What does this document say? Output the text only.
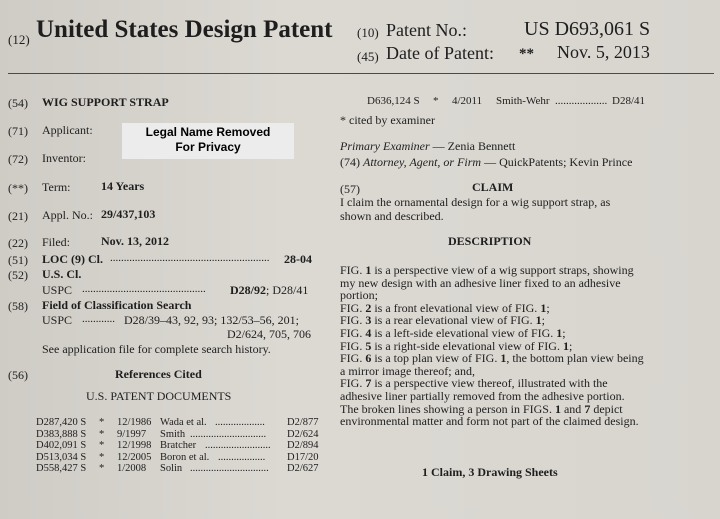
(12) United States Design Patent (10) Patent No.:	US D693,061 S
(45) Date of Patent: ** Nov. 5, 2013
(54) WIG SUPPORT STRAP
(71) Applicant:
(72) Inventor:
Legal Name Removed
For Privacy
(**) Term:	14 Years
(21) Appl. No.: 29/437,103
(22) Filed:	Nov. 13, 2012
(51) LOC (9) Cl. .......................................................... 28-04
(52) U.S. Cl.
USPC ............................................. D28/92; D28/41
(58) Field of Classification Search
USPC ............ D28/39–43, 92, 93; 132/53–56, 201;
D2/624, 705, 706
See application file for complete search history.
(56)	References Cited
U.S. PATENT DOCUMENTS
D287,420 S * 12/1986 Wada et al. ................... D2/877
D383,888 S * 9/1997 Smith ............................. D2/624
D402,091 S * 12/1998 Bratcher ......................... D2/894
D513,034 S * 12/2005 Boron et al. .................. D17/20
D558,427 S * 1/2008 Solin .............................. D2/627
D636,124 S * 4/2011 Smith-Wehr ................... D28/41
* cited by examiner
Primary Examiner — Zenia Bennett
(74) Attorney, Agent, or Firm — QuickPatents; Kevin Prince
(57)	CLAIM
I claim the ornamental design for a wig support strap, as
shown and described.
DESCRIPTION
FIG. 1 is a perspective view of a wig support straps, showing
my new design with an adhesive liner fixed to an adhesive
portion;
FIG. 2 is a front elevational view of FIG. 1;
FIG. 3 is a rear elevational view of FIG. 1;
FIG. 4 is a left-side elevational view of FIG. 1;
FIG. 5 is a right-side elevational view of FIG. 1;
FIG. 6 is a top plan view of FIG. 1, the bottom plan view being
a mirror image thereof; and,
FIG. 7 is a perspective view thereof, illustrated with the
adhesive liner partially removed from the adhesive portion.
The broken lines showing a person in FIGS. 1 and 7 depict
environmental matter and form not part of the claimed design.
1 Claim, 3 Drawing Sheets
